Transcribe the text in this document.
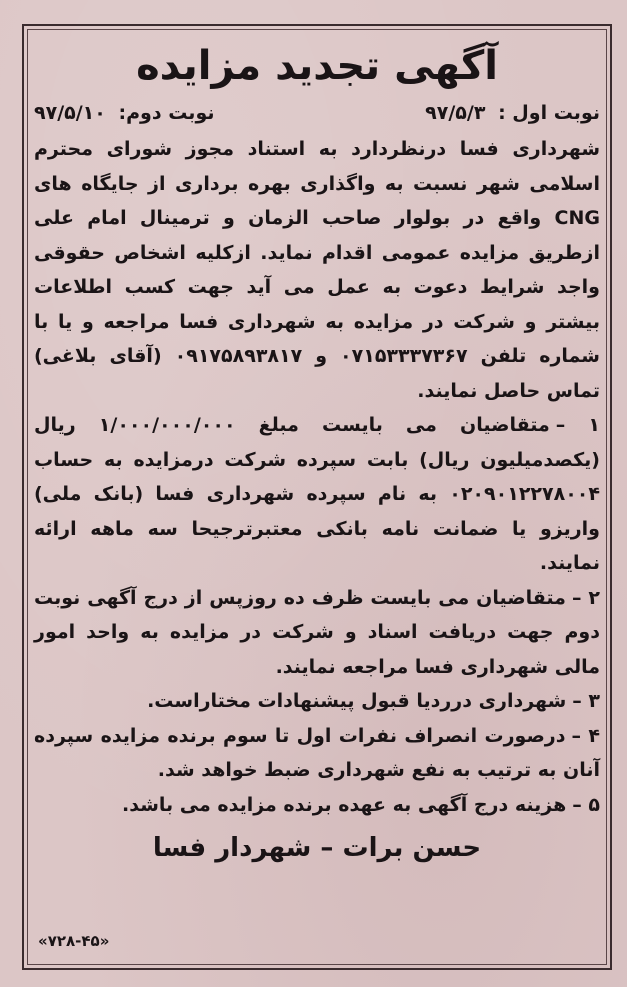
آگهی تجدید مزایده
نوبت اول : ۹۷/۵/۳
نوبت دوم: ۹۷/۵/۱۰
شهرداری فسا درنظردارد به استناد مجوز شورای محترم اسلامی شهر نسبت به واگذاری بهره برداری از جایگاه های CNG واقع در بولوار صاحب الزمان و ترمینال امام علی ازطریق مزایده عمومی اقدام نماید. ازکلیه اشخاص حقوقی واجد شرایط دعوت به عمل می آید جهت کسب اطلاعات بیشتر و شرکت در مزایده به شهرداری فسا مراجعه و یا با شماره تلفن ۰۷۱۵۳۳۳۷۳۶۷ و ۰۹۱۷۵۸۹۳۸۱۷ (آقای بلاغی) تماس حاصل نمایند.
۱ –متقاضیان می بایست مبلغ ۱/۰۰۰/۰۰۰/۰۰۰ ریال (یکصدمیلیون ریال) بابت سپرده شرکت درمزایده به حساب ۰۲۰۹۰۱۲۲۷۸۰۰۴ به نام سپرده شهرداری فسا (بانک ملی) واریزو یا ضمانت نامه بانکی معتبرترجیحا سه ماهه ارائه نمایند.
۲ –متقاضیان می بایست ظرف ده روزپس از درج آگهی نوبت دوم جهت دریافت اسناد و شرکت در مزایده به واحد امور مالی شهرداری فسا مراجعه نمایند.
۳ –شهرداری درردیا قبول پیشنهادات مختاراست.
۴ –درصورت انصراف نفرات اول تا سوم برنده مزایده سپرده آنان به ترتیب به نفع شهرداری ضبط خواهد شد.
۵ –هزینه درج آگهی به عهده برنده مزایده می باشد.
حسن برات – شهردار فسا
«۷۲۸-۴۵»
